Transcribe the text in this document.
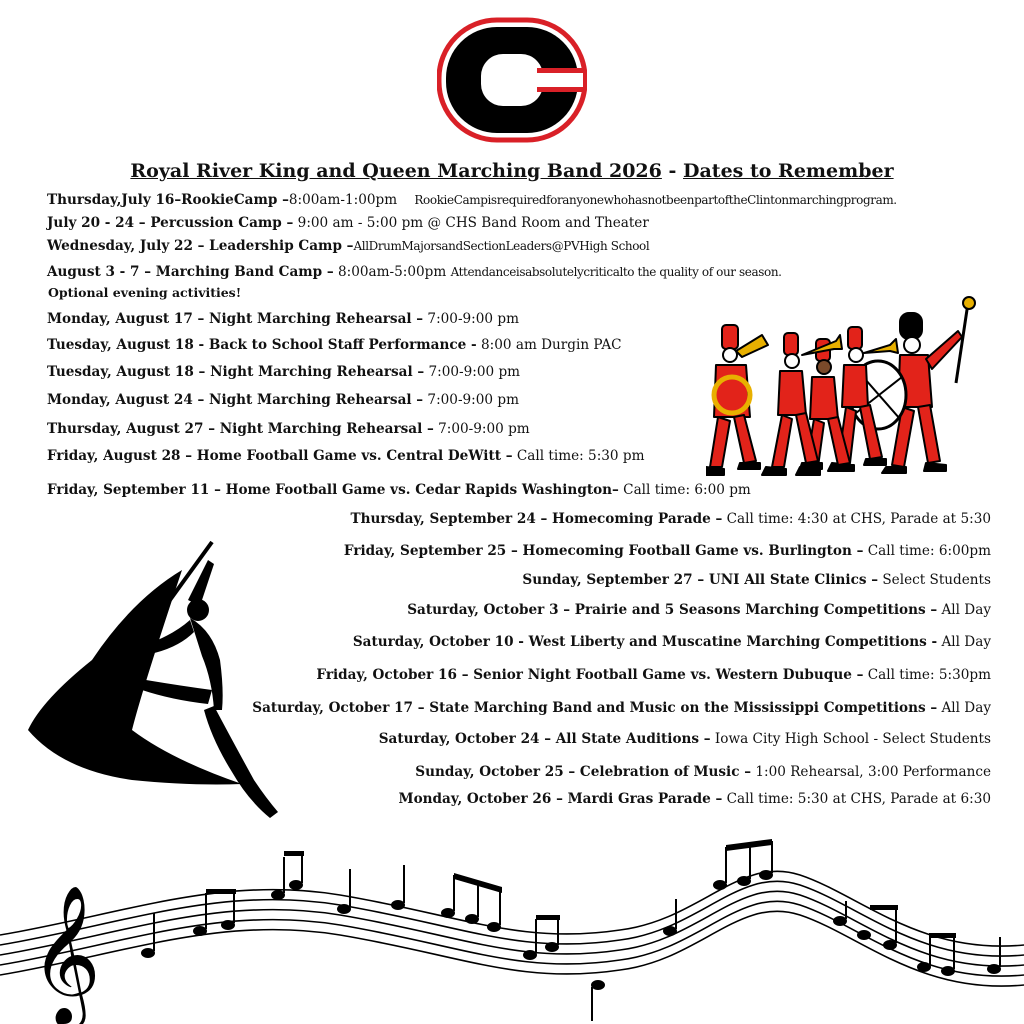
C
Royal River King and Queen Marching Band 2026 - Dates to Remember
Thursday,July 16–RookieCamp –8:00am-1:00pm RookieCampisrequiredforanyonewhohasnotbeenpartoftheClintonmarchingprogram.
July 20 - 24 – Percussion Camp – 9:00 am - 5:00 pm @ CHS Band Room and Theater
Wednesday, July 22 – Leadership Camp –AllDrumMajorsandSectionLeaders@PVHigh School
August 3 - 7 – Marching Band Camp – 8:00am-5:00pm Attendanceisabsolutelycriticalto the quality of our season.
Optional evening activities!
Monday, August 17 – Night Marching Rehearsal – 7:00-9:00 pm
Tuesday, August 18 - Back to School Staff Performance - 8:00 am Durgin PAC
Tuesday, August 18 – Night Marching Rehearsal – 7:00-9:00 pm
Monday, August 24 – Night Marching Rehearsal – 7:00-9:00 pm
Thursday, August 27 – Night Marching Rehearsal – 7:00-9:00 pm
Friday, August 28 – Home Football Game vs. Central DeWitt – Call time: 5:30 pm
Friday, September 11 – Home Football Game vs. Cedar Rapids Washington– Call time: 6:00 pm
Thursday, September 24 – Homecoming Parade – Call time: 4:30 at CHS, Parade at 5:30
Friday, September 25 – Homecoming Football Game vs. Burlington – Call time: 6:00pm
Sunday, September 27 – UNI All State Clinics – Select Students
Saturday, October 3 – Prairie and 5 Seasons Marching Competitions – All Day
Saturday, October 10 - West Liberty and Muscatine Marching Competitions - All Day
Friday, October 16 – Senior Night Football Game vs. Western Dubuque – Call time: 5:30pm
Saturday, October 17 – State Marching Band and Music on the Mississippi Competitions – All Day
Saturday, October 24 – All State Auditions – Iowa City High School - Select Students
Sunday, October 25 – Celebration of Music – 1:00 Rehearsal, 3:00 Performance
Monday, October 26 – Mardi Gras Parade – Call time: 5:30 at CHS, Parade at 6:30
𝄞
